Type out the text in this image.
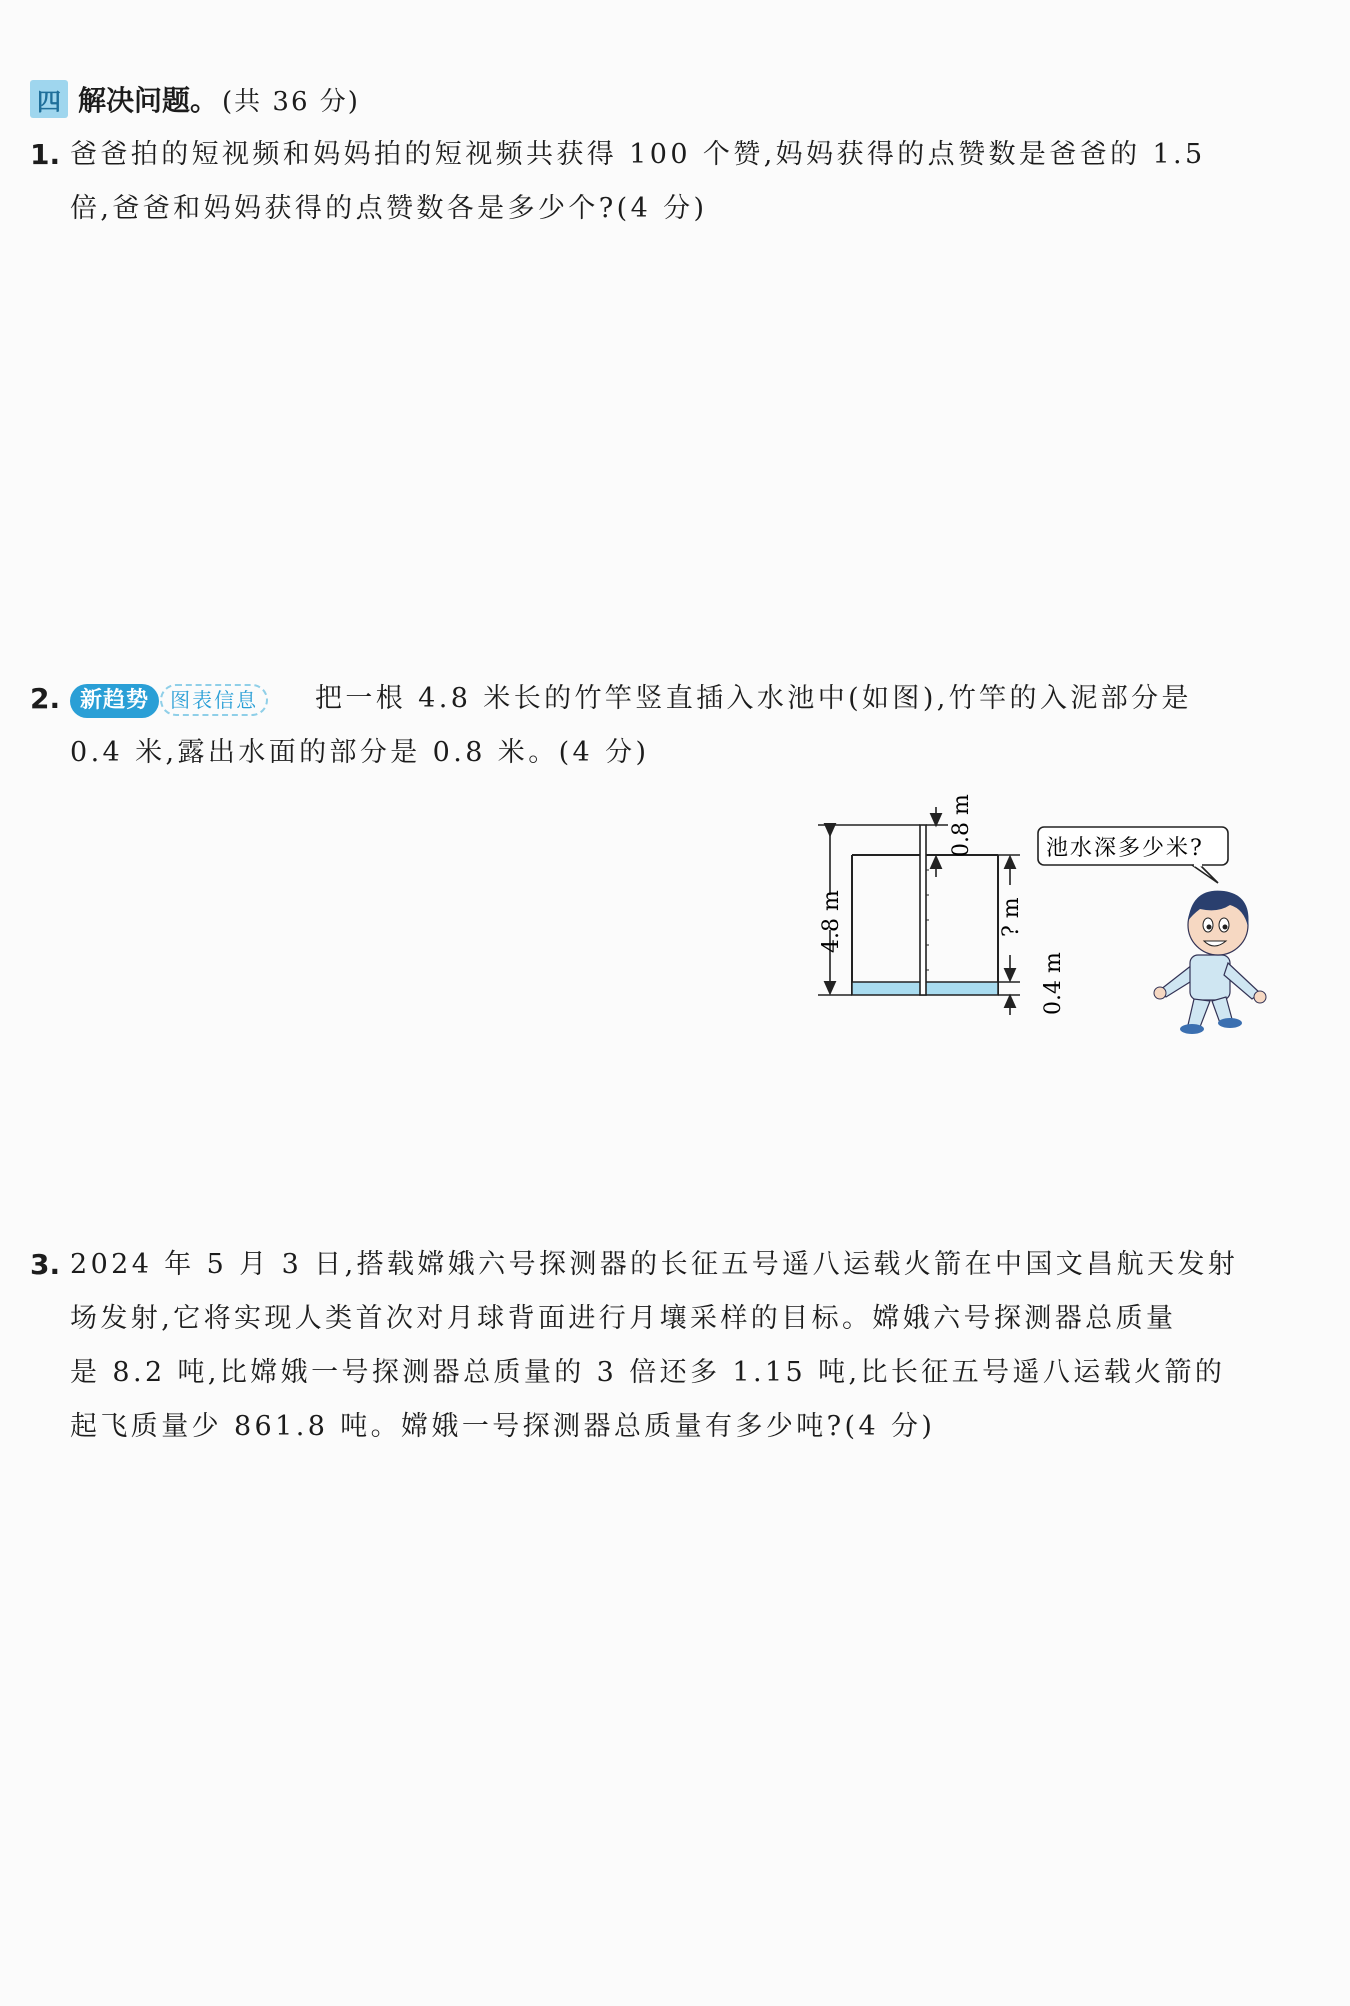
四 解决问题。 (共 36 分)
1. 爸爸拍的短视频和妈妈拍的短视频共获得 100 个赞,妈妈获得的点赞数是爸爸的 1.5
倍,爸爸和妈妈获得的点赞数各是多少个?(4 分)
2. 新趋势 图表信息	把一根 4.8 米长的竹竿竖直插入水池中(如图),竹竿的入泥部分是
0.4 米,露出水面的部分是 0.8 米。(4 分)
4.8 m
0.8 m
? m
0.4 m
池水深多少米?
3. 2024 年 5 月 3 日,搭载嫦娥六号探测器的长征五号遥八运载火箭在中国文昌航天发射
场发射,它将实现人类首次对月球背面进行月壤采样的目标。嫦娥六号探测器总质量
是 8.2 吨,比嫦娥一号探测器总质量的 3 倍还多 1.15 吨,比长征五号遥八运载火箭的
起飞质量少 861.8 吨。嫦娥一号探测器总质量有多少吨?(4 分)
